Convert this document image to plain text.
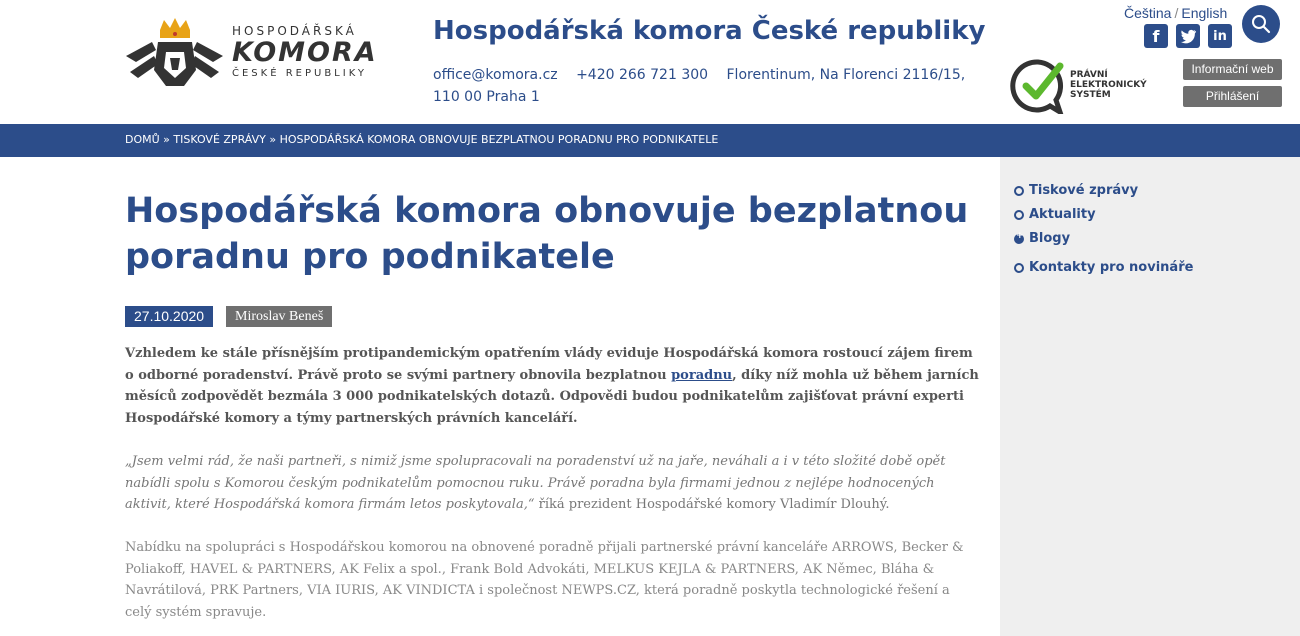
HOSPODÁŘSKÁ
KOMORA
ČESKÉ REPUBLIKY
Hospodářská komora České republiky
office@komora.cz +420 266 721 300 Florentinum, Na Florenci 2116/15, 110 00 Praha 1
PRÁVNÍ
ELEKTRONICKÝ
SYSTÉM
Čeština / English
f	in
Informační web
Přihlášení
DOMŮ » TISKOVÉ ZPRÁVY » HOSPODÁŘSKÁ KOMORA OBNOVUJE BEZPLATNOU PORADNU PRO PODNIKATELE
Tiskové zprávy
Aktuality
+
Blogy
Kontakty pro novináře
Hospodářská komora obnovuje bezplatnou poradnu pro podnikatele
27.10.2020	Miroslav Beneš

Vzhledem ke stále přísnějším protipandemickým opatřením vlády eviduje Hospodářská komora rostoucí zájem firem o odborné poradenství. Právě proto se svými partnery obnovila bezplatnou poradnu, díky níž mohla už během jarních měsíců zodpovědět bezmála 3 000 podnikatelských dotazů. Odpovědi budou podnikatelům zajišťovat právní experti Hospodářské komory a týmy partnerských právních kanceláří.

„Jsem velmi rád, že naši partneři, s nimiž jsme spolupracovali na poradenství už na jaře, neváhali a i v této složité době opět nabídli spolu s Komorou českým podnikatelům pomocnou ruku. Právě poradna byla firmami jednou z nejlépe hodnocených aktivit, které Hospodářská komora firmám letos poskytovala,“ říká prezident Hospodářské komory Vladimír Dlouhý.

Nabídku na spolupráci s Hospodářskou komorou na obnovené poradně přijali partnerské právní kanceláře ARROWS, Becker & Poliakoff, HAVEL & PARTNERS, AK Felix a spol., Frank Bold Advokáti, MELKUS KEJLA & PARTNERS, AK Němec, Bláha & Navrátilová, PRK Partners, VIA IURIS, AK VINDICTA i společnost NEWPS.CZ, která poradně poskytla technologické řešení a celý systém spravuje.
